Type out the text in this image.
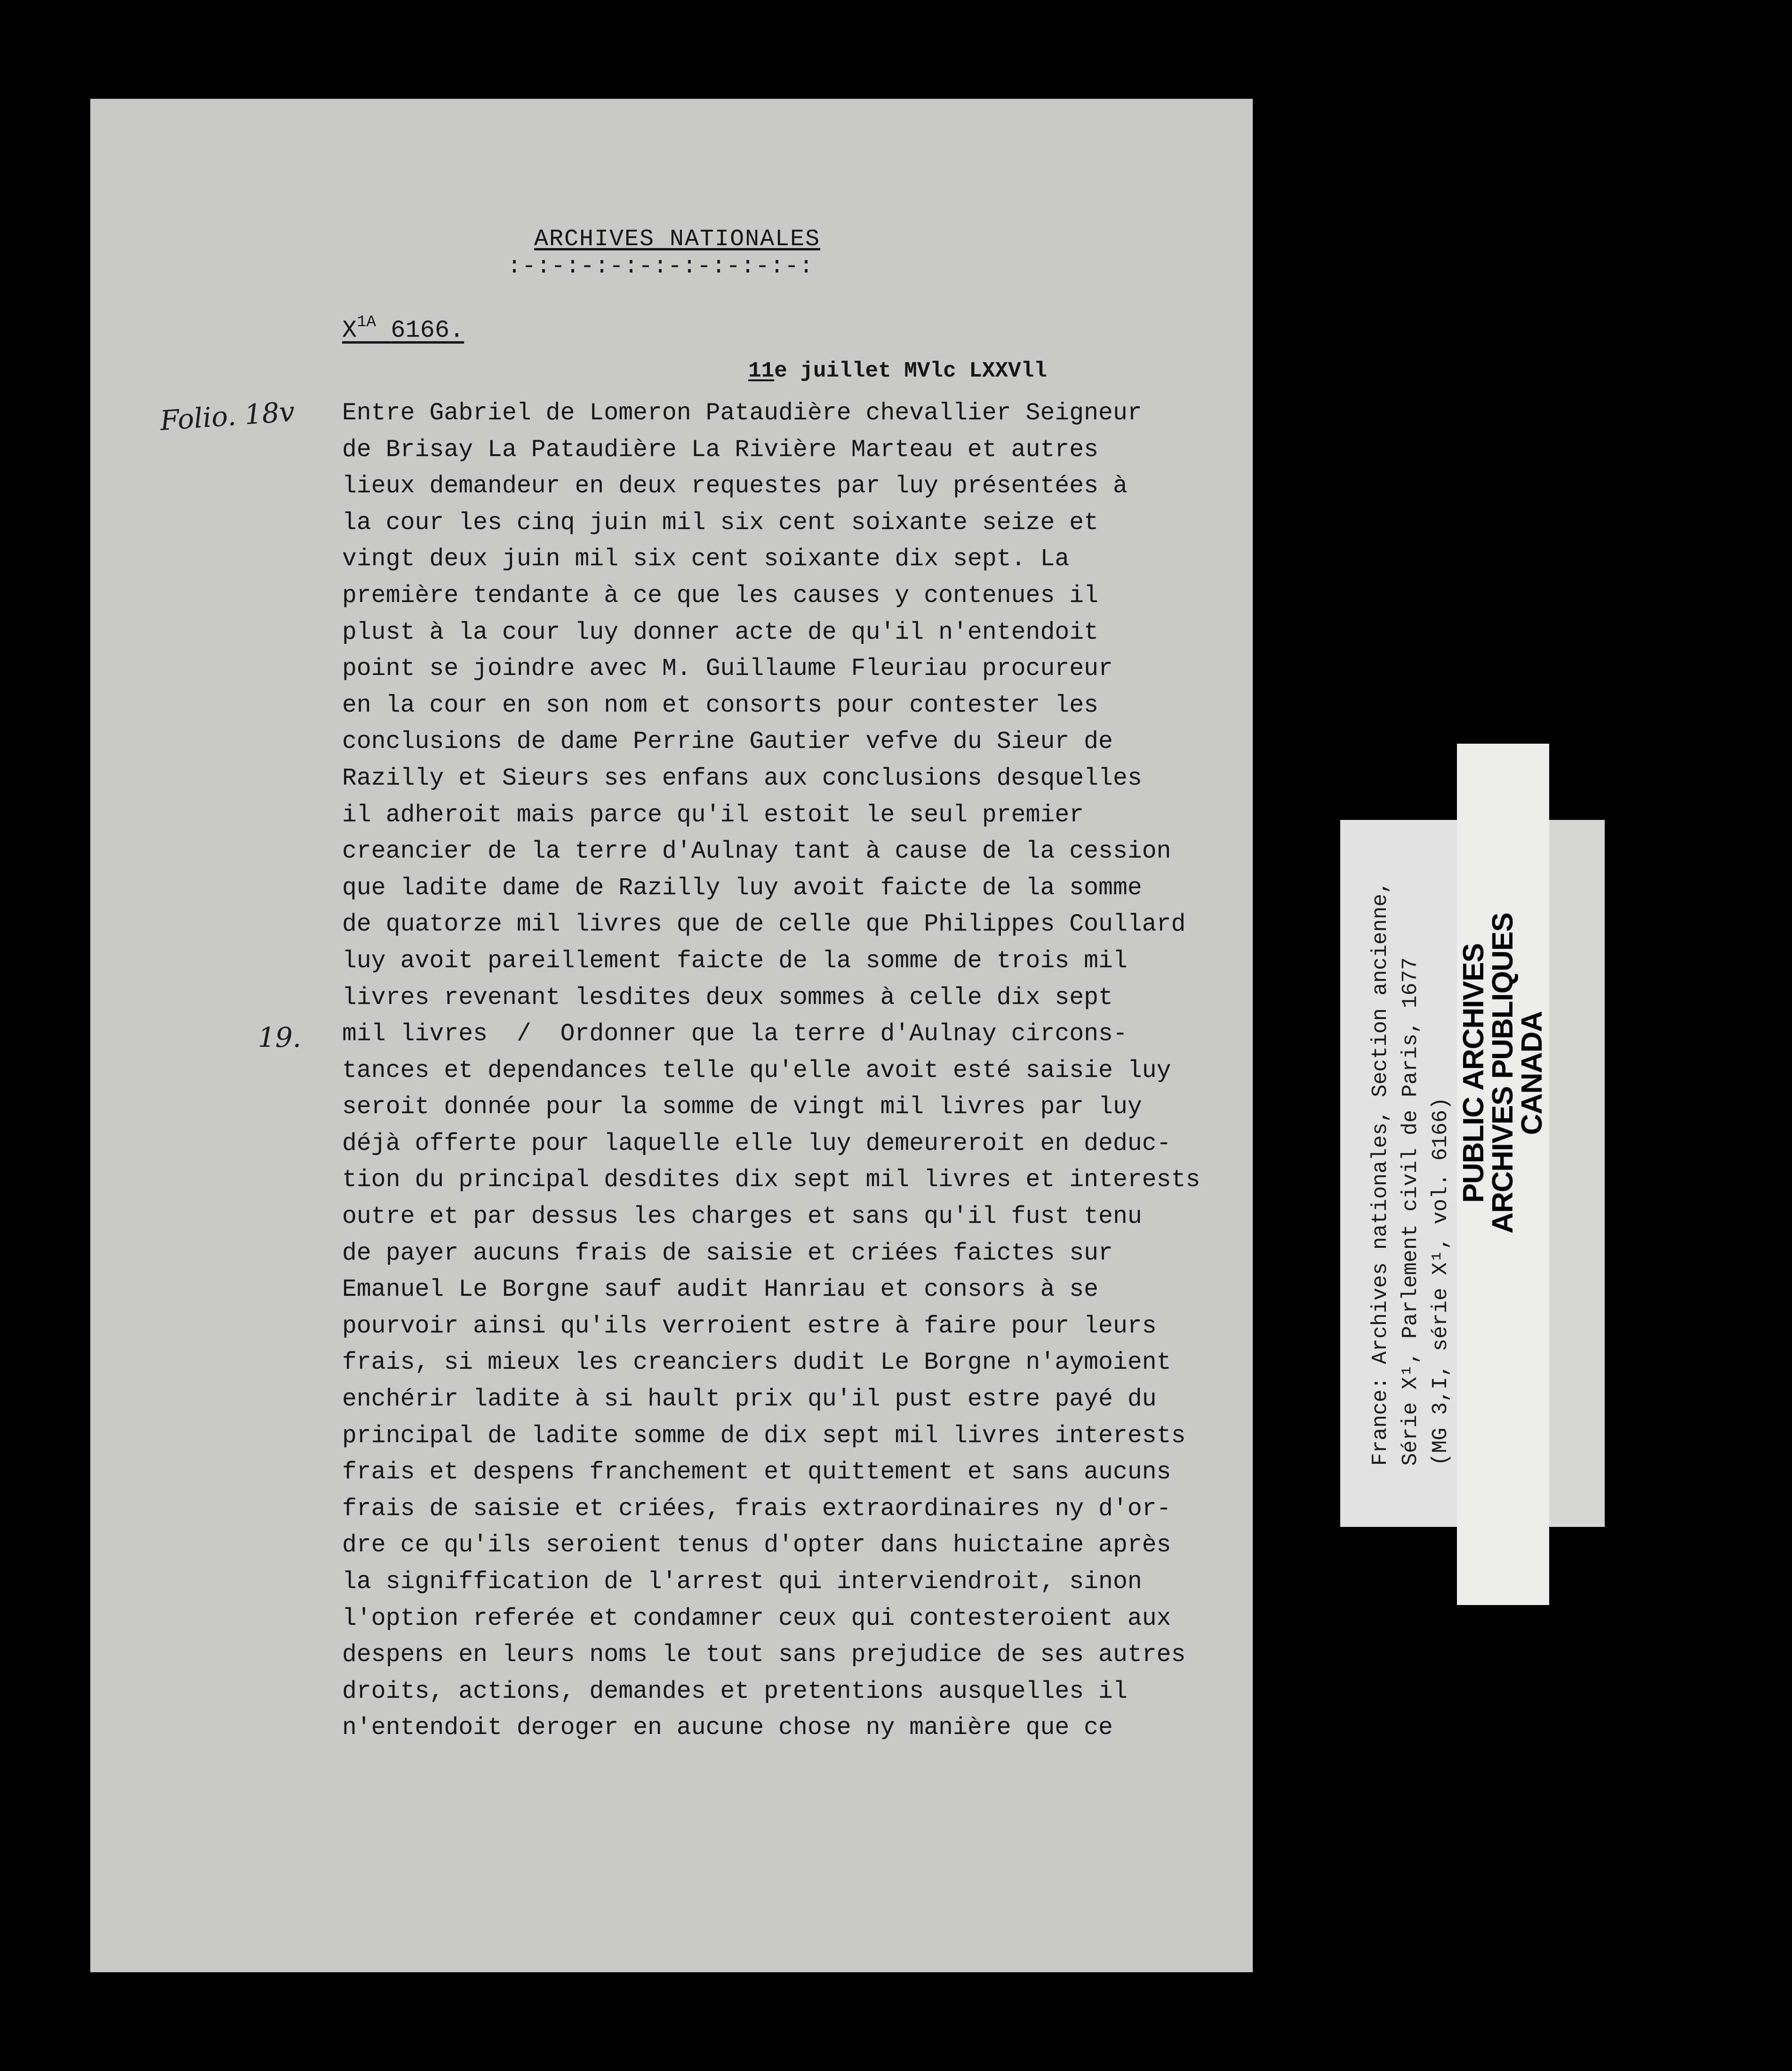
ARCHIVES NATIONALES
:-:-:-:-:-:-:-:-:-:-:
$X^{1A}$ 6166.
11e juillet MVlc LXXVll
Folio. 18v
19.
Entre Gabriel de Lomeron Pataudière chevallier Seigneur
de Brisay La Pataudière La Rivière Marteau et autres
lieux demandeur en deux requestes par luy présentées à
la cour les cinq juin mil six cent soixante seize et
vingt deux juin mil six cent soixante dix sept. La
première tendante à ce que les causes y contenues il
plust à la cour luy donner acte de qu'il n'entendoit
point se joindre avec M. Guillaume Fleuriau procureur
en la cour en son nom et consorts pour contester les
conclusions de dame Perrine Gautier vefve du Sieur de
Razilly et Sieurs ses enfans aux conclusions desquelles
il adheroit mais parce qu'il estoit le seul premier
creancier de la terre d'Aulnay tant à cause de la cession
que ladite dame de Razilly luy avoit faicte de la somme
de quatorze mil livres que de celle que Philippes Coullard
luy avoit pareillement faicte de la somme de trois mil
livres revenant lesdites deux sommes à celle dix sept
mil livres  /  Ordonner que la terre d'Aulnay circons-
tances et dependances telle qu'elle avoit esté saisie luy
seroit donnée pour la somme de vingt mil livres par luy
déjà offerte pour laquelle elle luy demeureroit en deduc-
tion du principal desdites dix sept mil livres et interests
outre et par dessus les charges et sans qu'il fust tenu
de payer aucuns frais de saisie et criées faictes sur
Emanuel Le Borgne sauf audit Hanriau et consors à se
pourvoir ainsi qu'ils verroient estre à faire pour leurs
frais, si mieux les creanciers dudit Le Borgne n'aymoient
enchérir ladite à si hault prix qu'il pust estre payé du
principal de ladite somme de dix sept mil livres interests
frais et despens franchement et quittement et sans aucuns
frais de saisie et criées, frais extraordinaires ny d'or-
dre ce qu'ils seroient tenus d'opter dans huictaine après
la signiffication de l'arrest qui interviendroit, sinon
l'option referée et condamner ceux qui contesteroient aux
despens en leurs noms le tout sans prejudice de ses autres
droits, actions, demandes et pretentions ausquelles il
n'entendoit deroger en aucune chose ny manière que ce
France: Archives nationales, Section ancienne, Série X¹, Parlement civil de Paris, 1677 (MG 3,I, série X¹, vol. 6166)
PUBLIC ARCHIVES
ARCHIVES PUBLIQUES
CANADA
